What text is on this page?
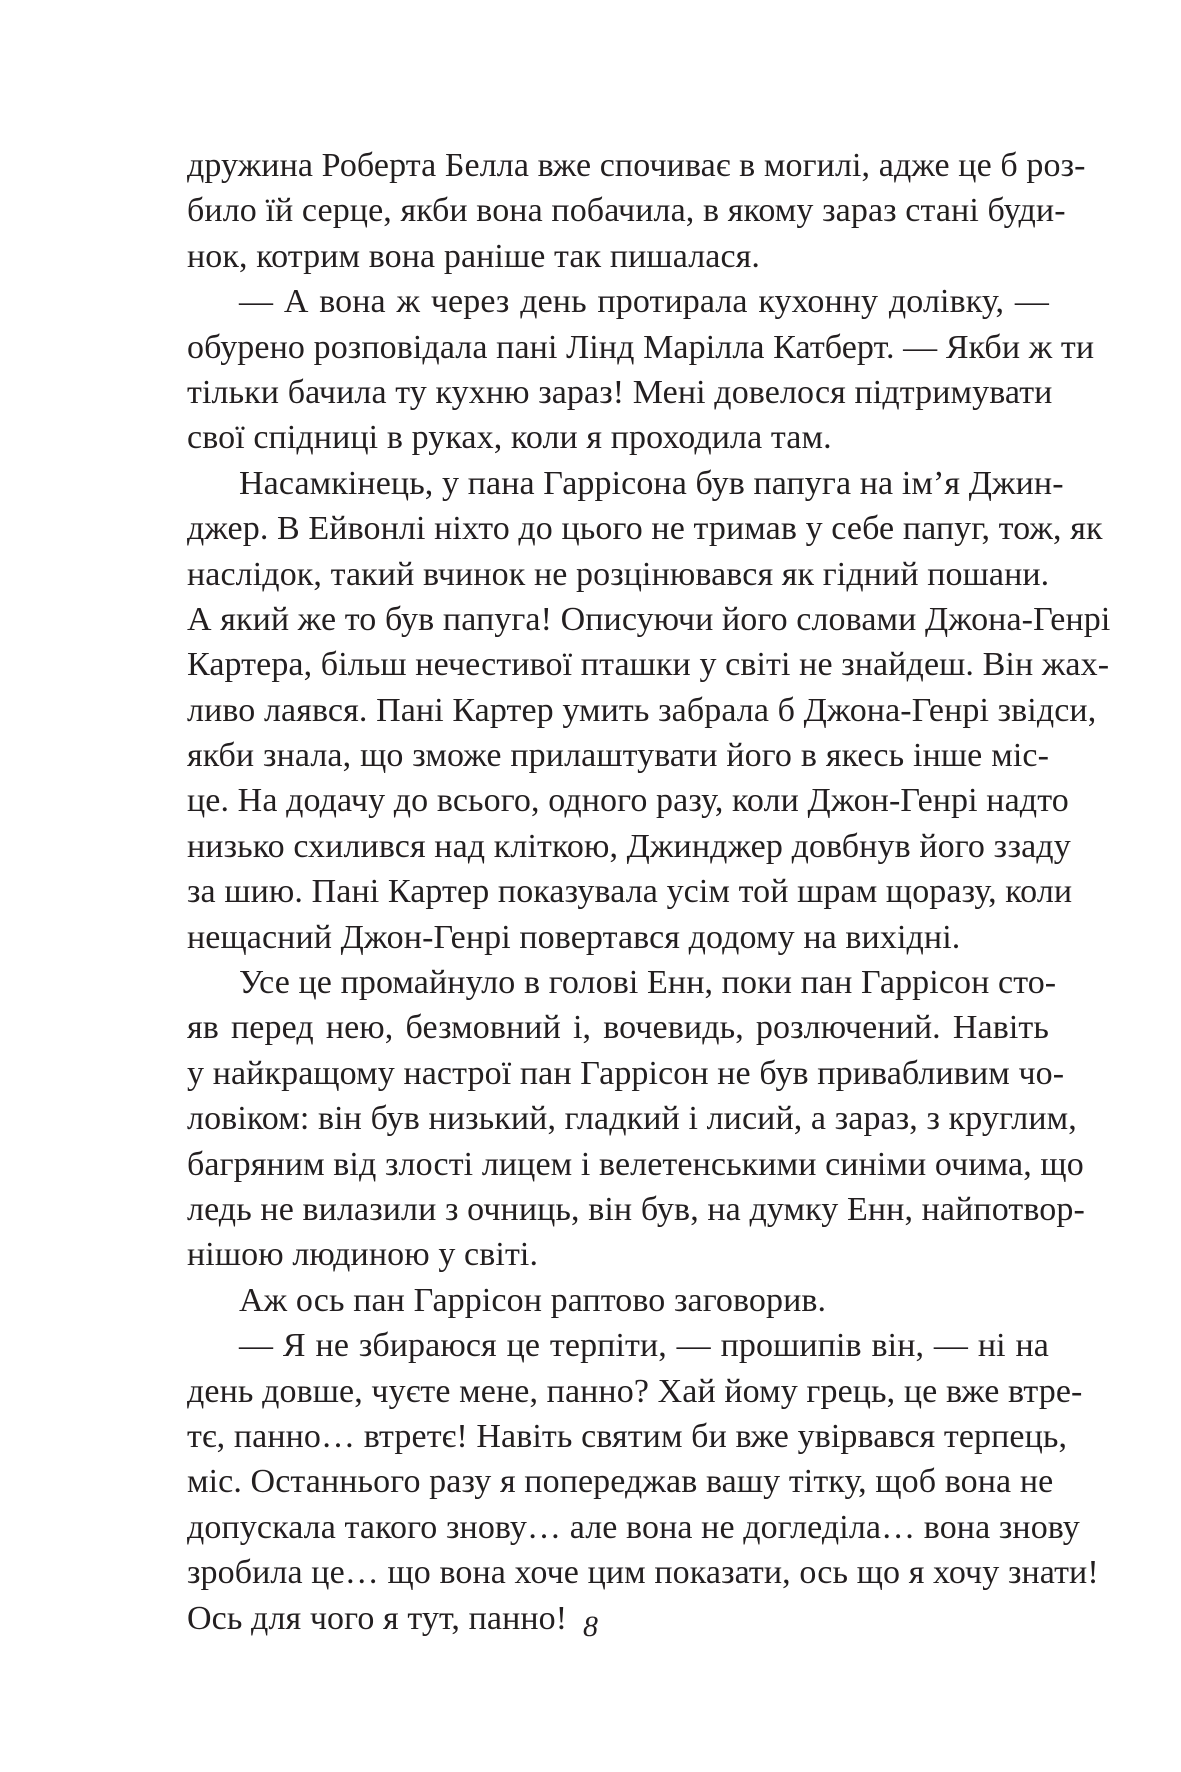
дружина Роберта Белла вже спочиває в могилі, адже це б роз-
било їй серце, якби вона побачила, в якому зараз стані буди-
нок, котрим вона раніше так пишалася.
— А вона ж через день протирала кухонну долівку, —
обурено розповідала пані Лінд Марілла Катберт. — Якби ж ти
тільки бачила ту кухню зараз! Мені довелося підтримувати
свої спідниці в руках, коли я проходила там.
Насамкінець, у пана Гаррісона був папуга на ім’я Джин-
джер. В Ейвонлі ніхто до цього не тримав у себе папуг, тож, як
наслідок, такий вчинок не розцінювався як гідний пошани.
А який же то був папуга! Описуючи його словами Джона-Генрі
Картера, більш нечестивої пташки у світі не знайдеш. Він жах-
ливо лаявся. Пані Картер умить забрала б Джона-Генрі звідси,
якби знала, що зможе прилаштувати його в якесь інше міс-
це. На додачу до всього, одного разу, коли Джон-Генрі надто
низько схилився над кліткою, Джинджер довбнув його ззаду
за шию. Пані Картер показувала усім той шрам щоразу, коли
нещасний Джон-Генрі повертався додому на вихідні.
Усе це промайнуло в голові Енн, поки пан Гаррісон сто-
яв перед нею, безмовний і, вочевидь, розлючений. Навіть
у найкращому настрої пан Гаррісон не був привабливим чо-
ловіком: він був низький, гладкий і лисий, а зараз, з круглим,
багряним від злості лицем і велетенськими синіми очима, що
ледь не вилазили з очниць, він був, на думку Енн, найпотвор-
нішою людиною у світі.
Аж ось пан Гаррісон раптово заговорив.
— Я не збираюся це терпіти, — прошипів він, — ні на
день довше, чуєте мене, панно? Хай йому грець, це вже втре-
тє, панно… втретє! Навіть святим би вже увірвався терпець,
міс. Останнього разу я попереджав вашу тітку, щоб вона не
допускала такого знову… але вона не догледіла… вона знову
зробила це… що вона хоче цим показати, ось що я хочу знати!
Ось для чого я тут, панно! 8
